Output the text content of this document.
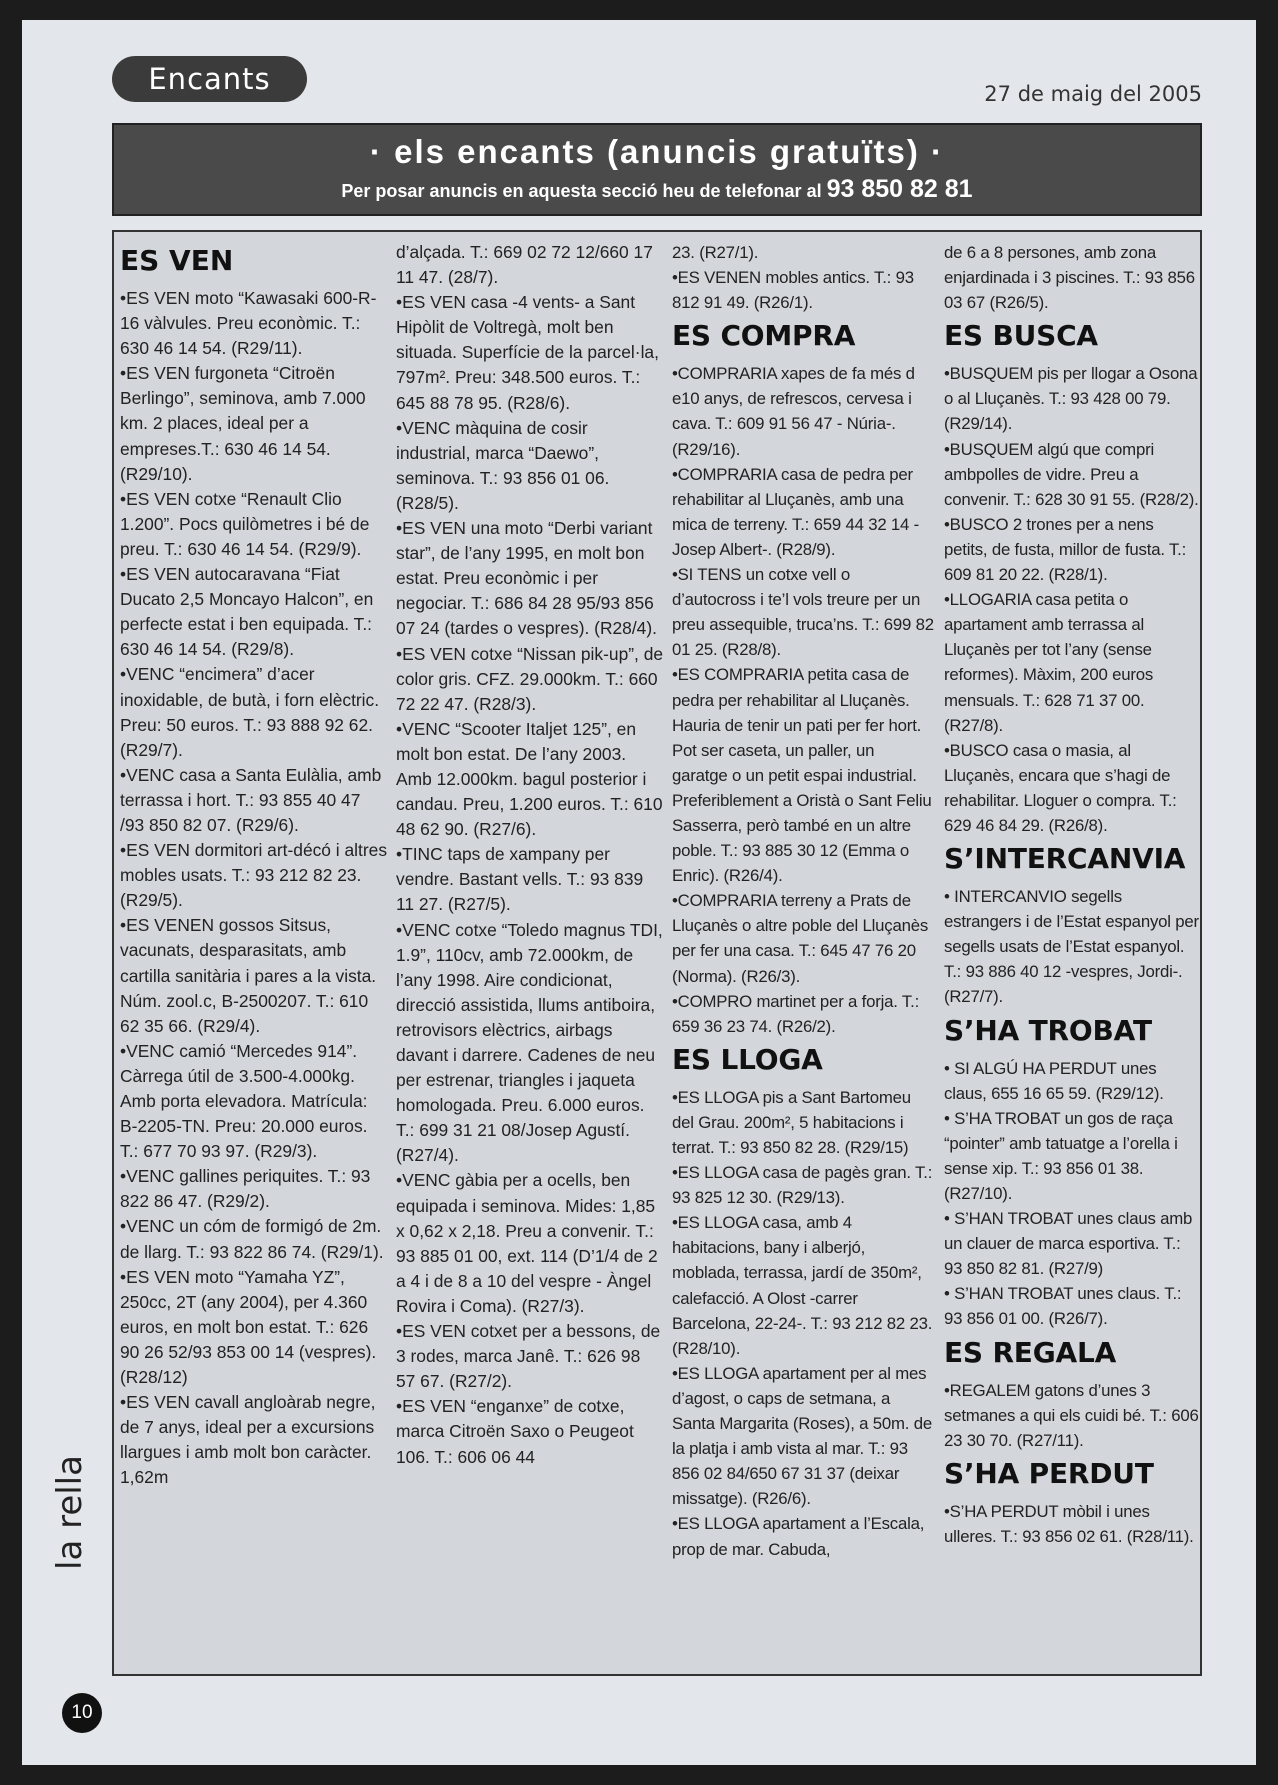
Encants	27 de maig del 2005
· els encants (anuncis gratuïts) ·
Per posar anuncis en aquesta secció heu de telefonar al 93 850 82 81
ES VEN
•ES VEN moto “Kawasaki 600-R-16 vàlvules. Preu econòmic. T.: 630 46 14 54. (R29/11).
•ES VEN furgoneta “Citroën Berlingo”, seminova, amb 7.000 km. 2 places, ideal per a empreses.T.: 630 46 14 54. (R29/10).
•ES VEN cotxe “Renault Clio 1.200”. Pocs quilòmetres i bé de preu. T.: 630 46 14 54. (R29/9).
•ES VEN autocaravana “Fiat Ducato 2,5 Moncayo Halcon”, en perfecte estat i ben equipada. T.: 630 46 14 54. (R29/8).
•VENC “encimera” d’acer inoxidable, de butà, i forn elèctric. Preu: 50 euros. T.: 93 888 92 62.(R29/7).
•VENC casa a Santa Eulàlia, amb terrassa i hort. T.: 93 855 40 47 /93 850 82 07. (R29/6).
•ES VEN dormitori art-décó i altres mobles usats. T.: 93 212 82 23. (R29/5).
•ES VENEN gossos Sitsus, vacunats, desparasitats, amb cartilla sanitària i pares a la vista. Núm. zool.c, B-2500207. T.: 610 62 35 66. (R29/4).
•VENC camió “Mercedes 914”. Càrrega útil de 3.500-4.000kg. Amb porta elevadora. Matrícula: B-2205-TN. Preu: 20.000 euros. T.: 677 70 93 97. (R29/3).
•VENC gallines periquites. T.: 93 822 86 47. (R29/2).
•VENC un cóm de formigó de 2m. de llarg. T.: 93 822 86 74. (R29/1).
•ES VEN moto “Yamaha YZ”, 250cc, 2T (any 2004), per 4.360 euros, en molt bon estat. T.: 626 90 26 52/93 853 00 14 (vespres). (R28/12)
•ES VEN cavall angloàrab negre, de 7 anys, ideal per a excursions llargues i amb molt bon caràcter. 1,62m
d’alçada. T.: 669 02 72 12/660 17 11 47. (28/7).
•ES VEN casa -4 vents- a Sant Hipòlit de Voltregà, molt ben situada. Superfície de la parcel·la, 797m². Preu: 348.500 euros. T.: 645 88 78 95. (R28/6).
•VENC màquina de cosir industrial, marca “Daewo”, seminova. T.: 93 856 01 06. (R28/5).
•ES VEN una moto “Derbi variant star”, de l’any 1995, en molt bon estat. Preu econòmic i per negociar. T.: 686 84 28 95/93 856 07 24 (tardes o vespres). (R28/4).
•ES VEN cotxe “Nissan pik-up”, de color gris. CFZ. 29.000km. T.: 660 72 22 47. (R28/3).
•VENC “Scooter Italjet 125”, en molt bon estat. De l’any 2003. Amb 12.000km. bagul posterior i candau. Preu, 1.200 euros. T.: 610 48 62 90. (R27/6).
•TINC taps de xampany per vendre. Bastant vells. T.: 93 839 11 27. (R27/5).
•VENC cotxe “Toledo magnus TDI, 1.9”, 110cv, amb 72.000km, de l’any 1998. Aire condicionat, direcció assistida, llums antiboira, retrovisors elèctrics, airbags davant i darrere. Cadenes de neu per estrenar, triangles i jaqueta homologada. Preu. 6.000 euros. T.: 699 31 21 08/Josep Agustí. (R27/4).
•VENC gàbia per a ocells, ben equipada i seminova. Mides: 1,85 x 0,62 x 2,18. Preu a convenir. T.: 93 885 01 00, ext. 114 (D’1/4 de 2 a 4 i de 8 a 10 del vespre - Àngel Rovira i Coma). (R27/3).
•ES VEN cotxet per a bessons, de 3 rodes, marca Janê. T.: 626 98 57 67. (R27/2).
•ES VEN “enganxe” de cotxe, marca Citroën Saxo o Peugeot 106. T.: 606 06 44
23. (R27/1).
•ES VENEN mobles antics. T.: 93 812 91 49. (R26/1).
ES COMPRA
•COMPRARIA xapes de fa més d e10 anys, de refrescos, cervesa i cava. T.: 609 91 56 47 - Núria-. (R29/16).
•COMPRARIA casa de pedra per rehabilitar al Lluçanès, amb una mica de terreny. T.: 659 44 32 14 -Josep Albert-. (R28/9).
•SI TENS un cotxe vell o d’autocross i te’l vols treure per un preu assequible, truca’ns. T.: 699 82 01 25. (R28/8).
•ES COMPRARIA petita casa de pedra per rehabilitar al Lluçanès. Hauria de tenir un pati per fer hort. Pot ser caseta, un paller, un garatge o un petit espai industrial. Preferiblement a Oristà o Sant Feliu Sasserra, però també en un altre poble. T.: 93 885 30 12 (Emma o Enric). (R26/4).
•COMPRARIA terreny a Prats de Lluçanès o altre poble del Lluçanès per fer una casa. T.: 645 47 76 20 (Norma). (R26/3).
•COMPRO martinet per a forja. T.: 659 36 23 74. (R26/2).
ES LLOGA
•ES LLOGA pis a Sant Bartomeu del Grau. 200m², 5 habitacions i terrat. T.: 93 850 82 28. (R29/15)
•ES LLOGA casa de pagès gran. T.: 93 825 12 30. (R29/13).
•ES LLOGA casa, amb 4 habitacions, bany i alberjó, moblada, terrassa, jardí de 350m², calefacció. A Olost -carrer Barcelona, 22-24-. T.: 93 212 82 23. (R28/10).
•ES LLOGA apartament per al mes d’agost, o caps de setmana, a Santa Margarita (Roses), a 50m. de la platja i amb vista al mar. T.: 93 856 02 84/650 67 31 37 (deixar missatge). (R26/6).
•ES LLOGA apartament a l’Escala, prop de mar. Cabuda,
de 6 a 8 persones, amb zona enjardinada i 3 piscines. T.: 93 856 03 67 (R26/5).
ES BUSCA
•BUSQUEM pis per llogar a Osona o al Lluçanès. T.: 93 428 00 79. (R29/14).
•BUSQUEM algú que compri ambpolles de vidre. Preu a convenir. T.: 628 30 91 55. (R28/2).
•BUSCO 2 trones per a nens petits, de fusta, millor de fusta. T.: 609 81 20 22. (R28/1).
•LLOGARIA casa petita o apartament amb terrassa al Lluçanès per tot l’any (sense reformes). Màxim, 200 euros mensuals. T.: 628 71 37 00. (R27/8).
•BUSCO casa o masia, al Lluçanès, encara que s’hagi de rehabilitar. Lloguer o compra. T.: 629 46 84 29. (R26/8).
S’INTERCANVIA
• INTERCANVIO segells estrangers i de l’Estat espanyol per segells usats de l’Estat espanyol. T.: 93 886 40 12 -vespres, Jordi-. (R27/7).
S’HA TROBAT
• SI ALGÚ HA PERDUT unes claus, 655 16 65 59. (R29/12).
• S’HA TROBAT un gos de raça “pointer” amb tatuatge a l’orella i sense xip. T.: 93 856 01 38. (R27/10).
• S’HAN TROBAT unes claus amb un clauer de marca esportiva. T.: 93 850 82 81. (R27/9)
• S’HAN TROBAT unes claus. T.: 93 856 01 00. (R26/7).
ES REGALA
•REGALEM gatons d’unes 3 setmanes a qui els cuidi bé. T.: 606 23 30 70. (R27/11).
S’HA PERDUT
•S’HA PERDUT mòbil i unes ulleres. T.: 93 856 02 61. (R28/11).
la rella
10
